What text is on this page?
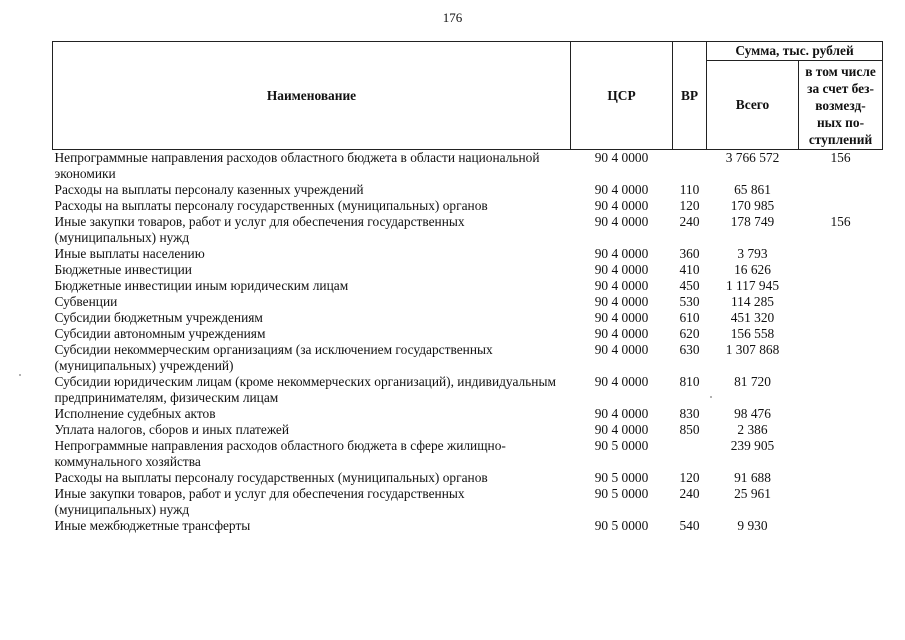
176
Наименование	ЦСР	ВР	Сумма, тыс. рублей	
			Всего	в том числе
за счет без-
возмезд-
ных по-
ступлений

Непрограммные направления расходов областного бюджета в области национальной экономики	90 4 0000		3 766 572	156
Расходы на выплаты персоналу казенных учреждений	90 4 0000	110	65 861	
Расходы на выплаты персоналу государственных (муниципальных) органов	90 4 0000	120	170 985	
Иные закупки товаров, работ и услуг для обеспечения государственных (муниципальных) нужд	90 4 0000	240	178 749	156
Иные выплаты населению	90 4 0000	360	3 793	
Бюджетные инвестиции	90 4 0000	410	16 626	
Бюджетные инвестиции иным юридическим лицам	90 4 0000	450	1 117 945	
Субвенции	90 4 0000	530	114 285	
Субсидии бюджетным учреждениям	90 4 0000	610	451 320	
Субсидии автономным учреждениям	90 4 0000	620	156 558	
Субсидии некоммерческим организациям (за исключением государственных (муниципальных) учреждений)	90 4 0000	630	1 307 868	
Субсидии юридическим лицам (кроме некоммерческих организаций), индивидуальным предпринимателям, физическим лицам	90 4 0000	810	81 720	
Исполнение судебных актов	90 4 0000	830	98 476	
Уплата налогов, сборов и иных платежей	90 4 0000	850	2 386	
Непрограммные направления расходов областного бюджета в сфере жилищно-коммунального хозяйства	90 5 0000		239 905	
Расходы на выплаты персоналу государственных (муниципальных) органов	90 5 0000	120	91 688	
Иные закупки товаров, работ и услуг для обеспечения государственных (муниципальных) нужд	90 5 0000	240	25 961	
Иные межбюджетные трансферты	90 5 0000	540	9 930	
